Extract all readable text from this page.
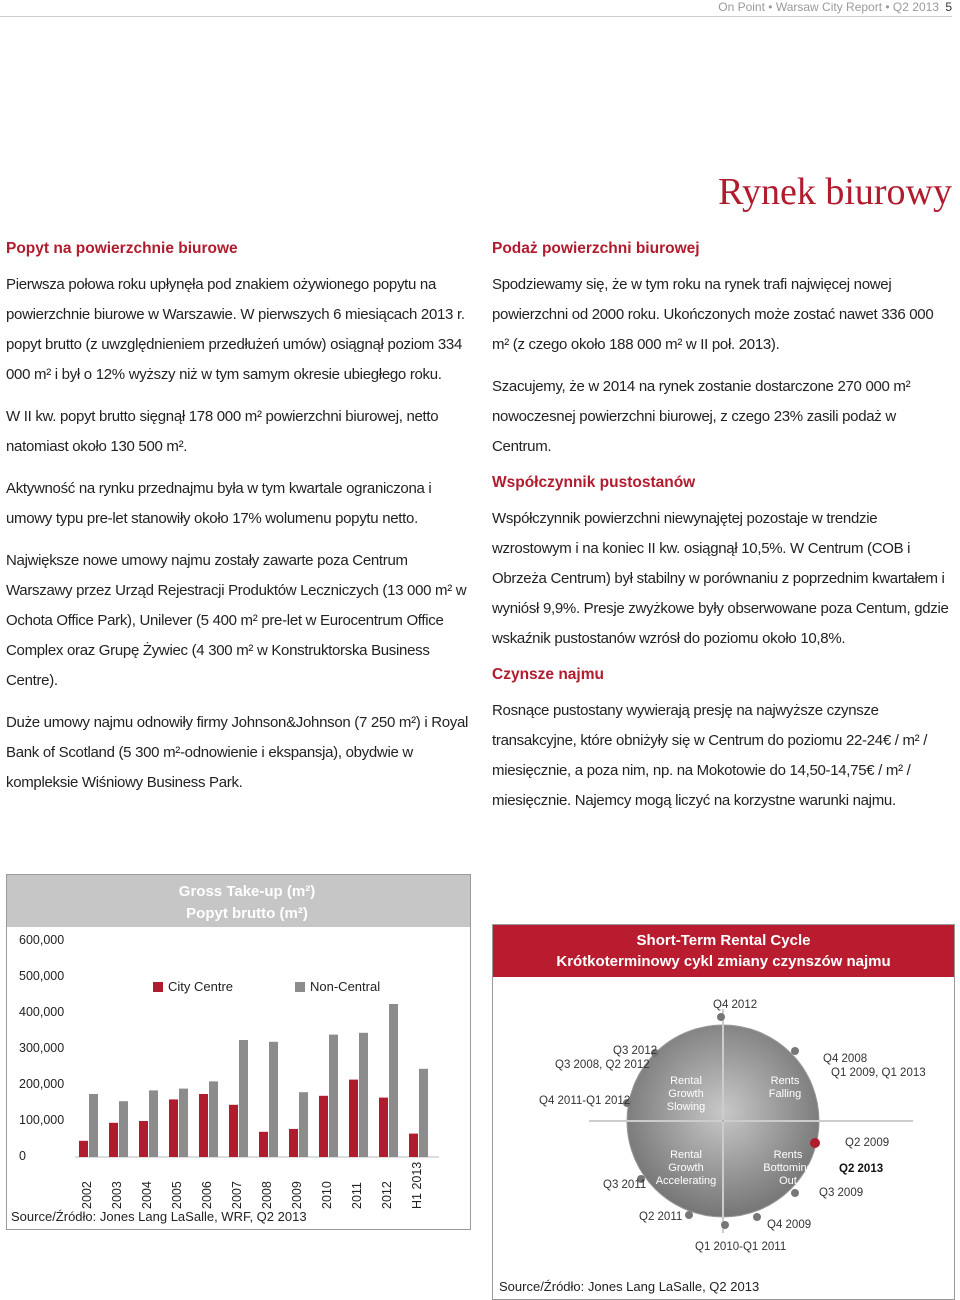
On Point • Warsaw City Report • Q2 2013 5
Rynek biurowy
Popyt na powierzchnie biurowe
Pierwsza połowa roku upłynęła pod znakiem ożywionego popytu na powierzchnie biurowe w Warszawie. W pierwszych 6 miesiącach 2013 r. popyt brutto (z uwzględnieniem przedłużeń umów) osiągnął poziom 334 000 m² i był o 12% wyższy niż w tym samym okresie ubiegłego roku.
W II kw. popyt brutto sięgnął 178 000 m² powierzchni biurowej, netto natomiast około 130 500 m².
Aktywność na rynku przednajmu była w tym kwartale ograniczona i umowy typu pre-let stanowiły około 17% wolumenu popytu netto.
Największe nowe umowy najmu zostały zawarte poza Centrum Warszawy przez Urząd Rejestracji Produktów Leczniczych (13 000 m² w Ochota Office Park), Unilever (5 400 m² pre-let w Eurocentrum Office Complex oraz Grupę Żywiec (4 300 m² w Konstruktorska Business Centre).
Duże umowy najmu odnowiły firmy Johnson&Johnson (7 250 m²) i Royal Bank of Scotland (5 300 m²-odnowienie i ekspansja), obydwie w kompleksie Wiśniowy Business Park.
Podaż powierzchni biurowej
Spodziewamy się, że w tym roku na rynek trafi najwięcej nowej powierzchni od 2000 roku. Ukończonych może zostać nawet 336 000 m² (z czego około 188 000 m² w II poł. 2013).
Szacujemy, że w 2014 na rynek zostanie dostarczone 270 000 m² nowoczesnej powierzchni biurowej, z czego 23% zasili podaż w Centrum.
Współczynnik pustostanów
Współczynnik powierzchni niewynajętej pozostaje w trendzie wzrostowym i na koniec II kw. osiągnął 10,5%. W Centrum (COB i Obrzeża Centrum) był stabilny w porównaniu z poprzednim kwartałem i wyniósł 9,9%. Presje zwyżkowe były obserwowane poza Centum, gdzie wskaźnik pustostanów wzrósł do poziomu około 10,8%.
Czynsze najmu
Rosnące pustostany wywierają presję na najwyższe czynsze transakcyjne, które obniżyły się w Centrum do poziomu 22-24€ / m² / miesięcznie, a poza nim, np. na Mokotowie do 14,50-14,75€ / m² / miesięcznie. Najemcy mogą liczyć na korzystne warunki najmu.
Gross Take-up (m²)
Popyt brutto (m²)
City Centre	Non-Central
Source/Źródło: Jones Lang LaSalle, WRF, Q2 2013
2002 2003 2004 2005 2006 2007 2008 2009 2010 2011 2012 H1 2013
600,000
500,000
400,000
300,000
200,000
100,000
0
Short-Term Rental Cycle
Krótkoterminowy cykl zmiany czynszów najmu
Rental Growth Slowing
Rents Falling
Rental Growth Accelerating
Rents Bottoming Out
Q4 2012
Q3 2012
Q3 2008, Q2 2012	Q4 2008
Q1 2009, Q1 2013
Q4 2011-Q1 2012
Q2 2009
Q2 2013
Q3 2011
Q3 2009
Q2 2011
Q4 2009
Q1 2010-Q1 2011
Source/Źródło: Jones Lang LaSalle, Q2 2013
